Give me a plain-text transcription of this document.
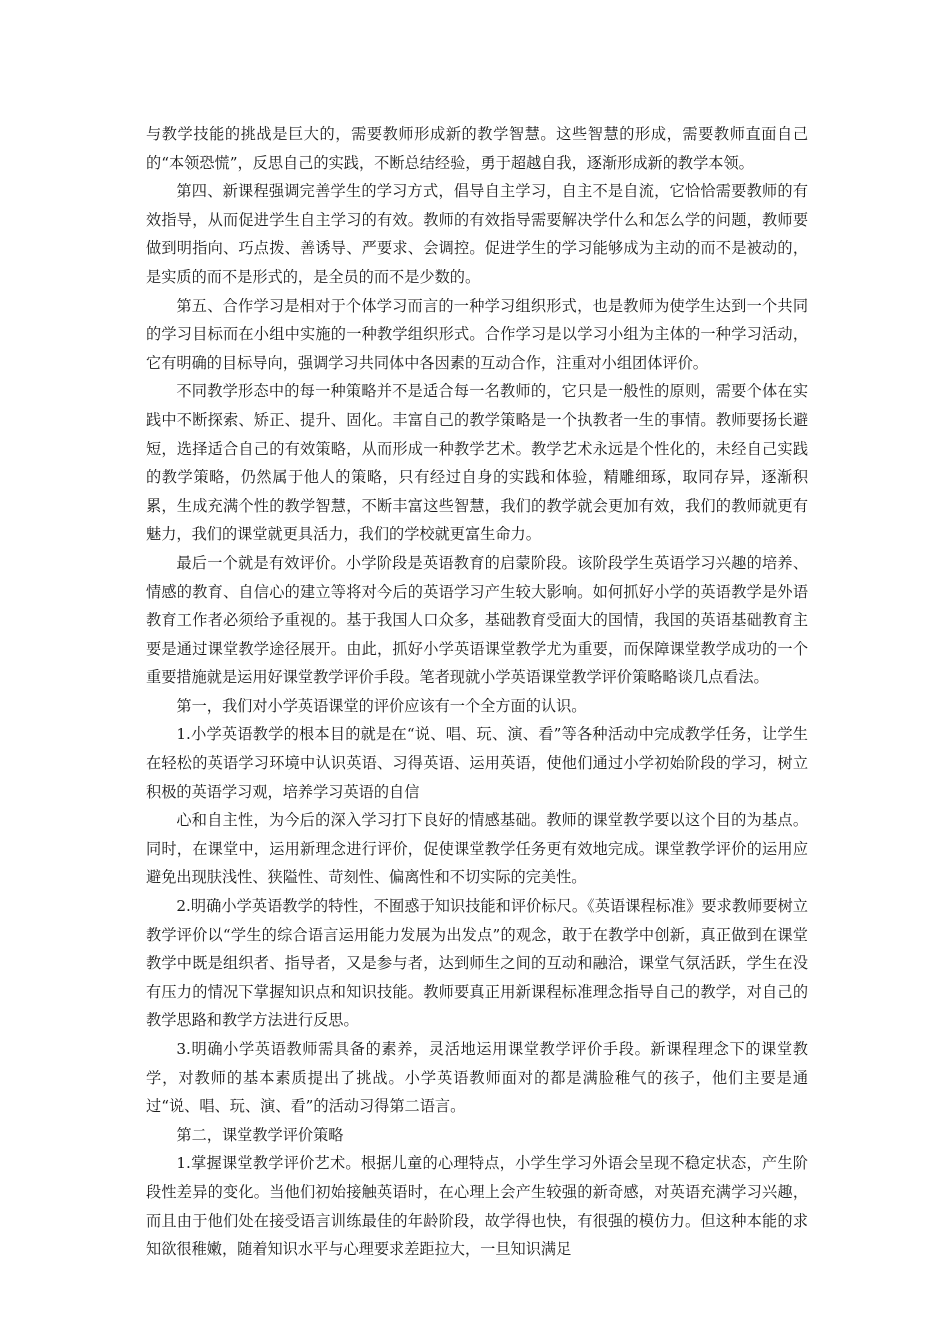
与教学技能的挑战是巨大的，需要教师形成新的教学智慧。这些智慧的形成，需要教师直面自己的“本领恐慌”，反思自己的实践，不断总结经验，勇于超越自我，逐渐形成新的教学本领。

第四、新课程强调完善学生的学习方式，倡导自主学习，自主不是自流，它恰恰需要教师的有效指导，从而促进学生自主学习的有效。教师的有效指导需要解决学什么和怎么学的问题，教师要做到明指向、巧点拨、善诱导、严要求、会调控。促进学生的学习能够成为主动的而不是被动的，是实质的而不是形式的，是全员的而不是少数的。

第五、合作学习是相对于个体学习而言的一种学习组织形式，也是教师为使学生达到一个共同的学习目标而在小组中实施的一种教学组织形式。合作学习是以学习小组为主体的一种学习活动，它有明确的目标导向，强调学习共同体中各因素的互动合作，注重对小组团体评价。

不同教学形态中的每一种策略并不是适合每一名教师的，它只是一般性的原则，需要个体在实践中不断探索、矫正、提升、固化。丰富自己的教学策略是一个执教者一生的事情。教师要扬长避短，选择适合自己的有效策略，从而形成一种教学艺术。教学艺术永远是个性化的，未经自己实践的教学策略，仍然属于他人的策略，只有经过自身的实践和体验，精雕细琢，取同存异，逐渐积累，生成充满个性的教学智慧，不断丰富这些智慧，我们的教学就会更加有效，我们的教师就更有魅力，我们的课堂就更具活力，我们的学校就更富生命力。

最后一个就是有效评价。小学阶段是英语教育的启蒙阶段。该阶段学生英语学习兴趣的培养、情感的教育、自信心的建立等将对今后的英语学习产生较大影响。如何抓好小学的英语教学是外语教育工作者必须给予重视的。基于我国人口众多，基础教育受面大的国情，我国的英语基础教育主要是通过课堂教学途径展开。由此，抓好小学英语课堂教学尤为重要，而保障课堂教学成功的一个重要措施就是运用好课堂教学评价手段。笔者现就小学英语课堂教学评价策略略谈几点看法。

第一，我们对小学英语课堂的评价应该有一个全方面的认识。

1.小学英语教学的根本目的就是在“说、唱、玩、演、看”等各种活动中完成教学任务，让学生在轻松的英语学习环境中认识英语、习得英语、运用英语，使他们通过小学初始阶段的学习，树立积极的英语学习观，培养学习英语的自信

心和自主性，为今后的深入学习打下良好的情感基础。教师的课堂教学要以这个目的为基点。同时，在课堂中，运用新理念进行评价，促使课堂教学任务更有效地完成。课堂教学评价的运用应避免出现肤浅性、狭隘性、苛刻性、偏离性和不切实际的完美性。

2.明确小学英语教学的特性，不囿惑于知识技能和评价标尺。《英语课程标准》要求教师要树立教学评价以“学生的综合语言运用能力发展为出发点”的观念，敢于在教学中创新，真正做到在课堂教学中既是组织者、指导者，又是参与者，达到师生之间的互动和融洽，课堂气氛活跃，学生在没有压力的情况下掌握知识点和知识技能。教师要真正用新课程标准理念指导自己的教学，对自己的教学思路和教学方法进行反思。

3.明确小学英语教师需具备的素养，灵活地运用课堂教学评价手段。新课程理念下的课堂教学，对教师的基本素质提出了挑战。小学英语教师面对的都是满脸稚气的孩子，他们主要是通过“说、唱、玩、演、看”的活动习得第二语言。

第二，课堂教学评价策略

1.掌握课堂教学评价艺术。根据儿童的心理特点，小学生学习外语会呈现不稳定状态，产生阶段性差异的变化。当他们初始接触英语时，在心理上会产生较强的新奇感，对英语充满学习兴趣，而且由于他们处在接受语言训练最佳的年龄阶段，故学得也快，有很强的模仿力。但这种本能的求知欲很稚嫩，随着知识水平与心理要求差距拉大，一旦知识满足
